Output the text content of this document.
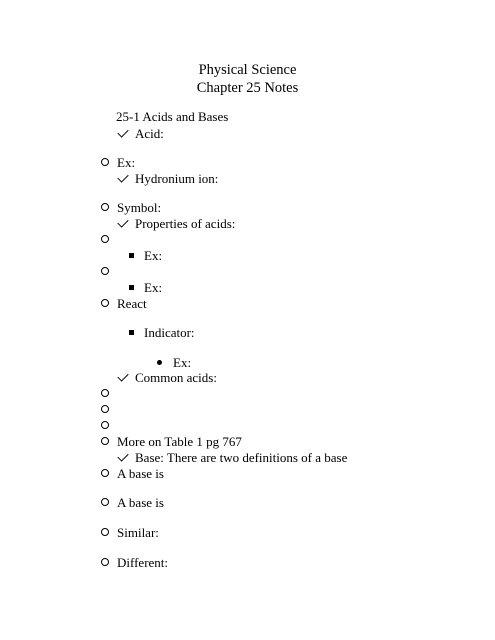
Physical Science
Chapter 25 Notes
25-1 Acids and Bases
Acid:
Ex:
Hydronium ion:
Symbol:
Properties of acids:
Ex:
Ex:
React
Indicator:
Ex:
Common acids:
More on Table 1 pg 767
Base: There are two definitions of a base
A base is
A base is
Similar:
Different:
